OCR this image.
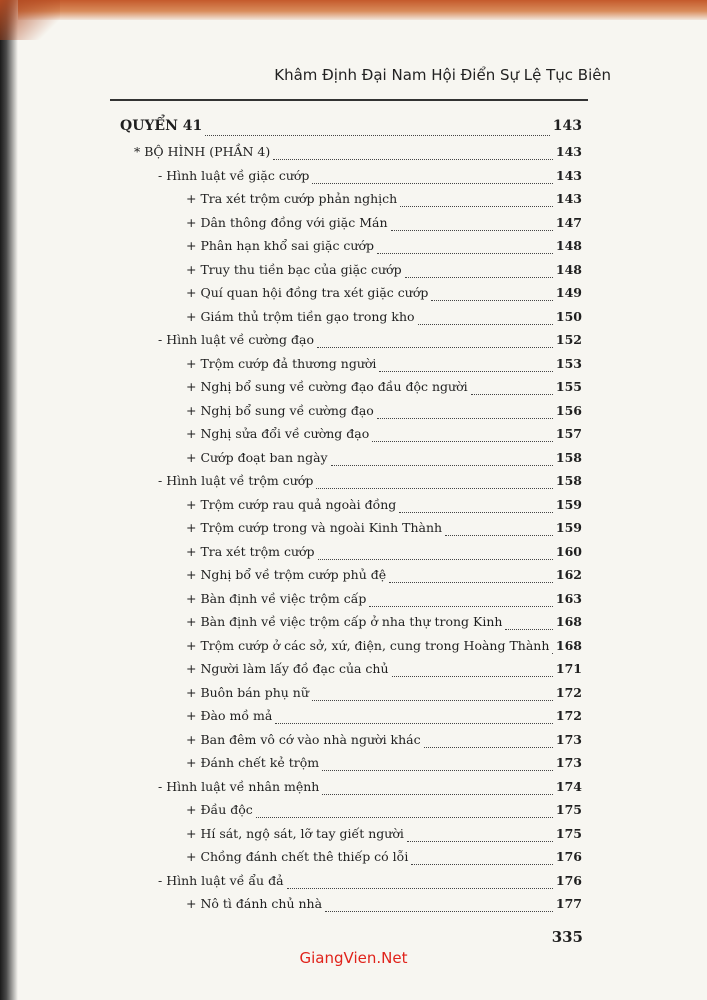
Khâm Định Đại Nam Hội Điển Sự Lệ Tục Biên
QUYỂN 41	143
* BỘ HÌNH (PHẦN 4)	143
- Hình luật về giặc cướp	143
+ Tra xét trộm cướp phản nghịch	143
+ Dân thông đồng với giặc Mán	147
+ Phân hạn khổ sai giặc cướp	148
+ Truy thu tiền bạc của giặc cướp	148
+ Quí quan hội đồng tra xét giặc cướp	149
+ Giám thủ trộm tiền gạo trong kho	150
- Hình luật về cường đạo	152
+ Trộm cướp đả thương người	153
+ Nghị bổ sung về cường đạo đầu độc người	155
+ Nghị bổ sung về cường đạo	156
+ Nghị sửa đổi về cường đạo	157
+ Cướp đoạt ban ngày	158
- Hình luật về trộm cướp	158
+ Trộm cướp rau quả ngoài đồng	159
+ Trộm cướp trong và ngoài Kinh Thành	159
+ Tra xét trộm cướp	160
+ Nghị bổ về trộm cướp phủ đệ	162
+ Bàn định về việc trộm cấp	163
+ Bàn định về việc trộm cấp ở nha thự trong Kinh	168
+ Trộm cướp ở các sở, xứ, điện, cung trong Hoàng Thành 168
+ Người làm lấy đồ đạc của chủ	171
+ Buôn bán phụ nữ	172
+ Đào mồ mả	172
+ Ban đêm vô cớ vào nhà người khác	173
+ Đánh chết kẻ trộm	173
- Hình luật về nhân mệnh	174
+ Đầu độc	175
+ Hí sát, ngộ sát, lỡ tay giết người	175
+ Chồng đánh chết thê thiếp có lỗi	176
- Hình luật về ẩu đả	176
+ Nô tì đánh chủ nhà	177
335
GiangVien.Net
